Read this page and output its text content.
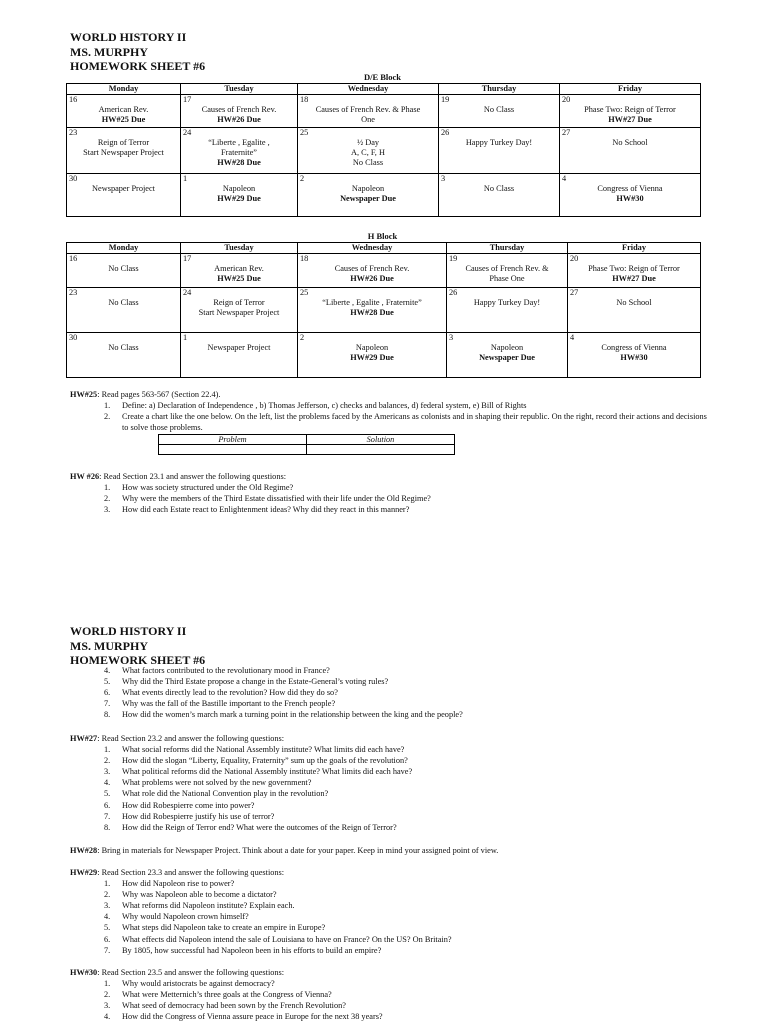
WORLD HISTORY II
MS. MURPHY
HOMEWORK SHEET #6
D/E Block
Monday	Tuesday	Wednesday	Thursday	Friday

16
American Rev.
HW#25 Due	17
Causes of French Rev.
HW#26 Due	18
Causes of French Rev. & Phase
One	19
No Class	20
Phase Two: Reign of Terror
HW#27 Due

23
Reign of Terror
Start Newspaper Project	24
“Liberte , Egalite ,
Fraternite”
HW#28 Due	25
½ Day
A, C, F, H
No Class	26
Happy Turkey Day!	27
No School

30
Newspaper Project	1
Napoleon
HW#29 Due	2
Napoleon
Newspaper Due	3
No Class	4
Congress of Vienna
HW#30
H Block
Monday	Tuesday	Wednesday	Thursday	Friday

16
No Class	17
American Rev.
HW#25 Due	18
Causes of French Rev.
HW#26 Due	19
Causes of French Rev. &
Phase One	20
Phase Two: Reign of Terror
HW#27 Due

23
No Class	24
Reign of Terror
Start Newspaper Project	25
“Liberte , Egalite , Fraternite”
HW#28 Due	26
Happy Turkey Day!	27
No School

30
No Class	1
Newspaper Project	2
Napoleon
HW#29 Due	3
Napoleon
Newspaper Due	4
Congress of Vienna
HW#30

HW#25: Read pages 563-567 (Section 22.4).

1. Define: a) Declaration of Independence , b) Thomas Jefferson, c) checks and balances, d) federal system, e) Bill of Rights
2. Create a chart like the one below. On the left, list the problems faced by the Americans as colonists and in shaping their republic. On the right, record their actions and decisions to solve those problems.
Problem	Solution

HW #26: Read Section 23.1 and answer the following questions:

1. How was society structured under the Old Regime?
2. Why were the members of the Third Estate dissatisfied with their life under the Old Regime?
3. How did each Estate react to Enlightenment ideas? Why did they react in this manner?
WORLD HISTORY II
MS. MURPHY
HOMEWORK SHEET #6
4. What factors contributed to the revolutionary mood in France?
5. Why did the Third Estate propose a change in the Estate-General’s voting rules?
6. What events directly lead to the revolution? How did they do so?
7. Why was the fall of the Bastille important to the French people?
8. How did the women’s march mark a turning point in the relationship between the king and the people?

HW#27: Read Section 23.2 and answer the following questions:

1. What social reforms did the National Assembly institute? What limits did each have?
2. How did the slogan “Liberty, Equality, Fraternity” sum up the goals of the revolution?
3. What political reforms did the National Assembly institute? What limits did each have?
4. What problems were not solved by the new government?
5. What role did the National Convention play in the revolution?
6. How did Robespierre come into power?
7. How did Robespierre justify his use of terror?
8. How did the Reign of Terror end? What were the outcomes of the Reign of Terror?

HW#28: Bring in materials for Newspaper Project. Think about a date for your paper. Keep in mind your assigned point of view.

HW#29: Read Section 23.3 and answer the following questions:

1. How did Napoleon rise to power?
2. Why was Napoleon able to become a dictator?
3. What reforms did Napoleon institute? Explain each.
4. Why would Napoleon crown himself?
5. What steps did Napoleon take to create an empire in Europe?
6. What effects did Napoleon intend the sale of Louisiana to have on France? On the US? On Britain?
7. By 1805, how successful had Napoleon been in his efforts to build an empire?

HW#30: Read Section 23.5 and answer the following questions:

1. Why would aristocrats be against democracy?
2. What were Metternich’s three goals at the Congress of Vienna?
3. What seed of democracy had been sown by the French Revolution?
4. How did the Congress of Vienna assure peace in Europe for the next 38 years?
